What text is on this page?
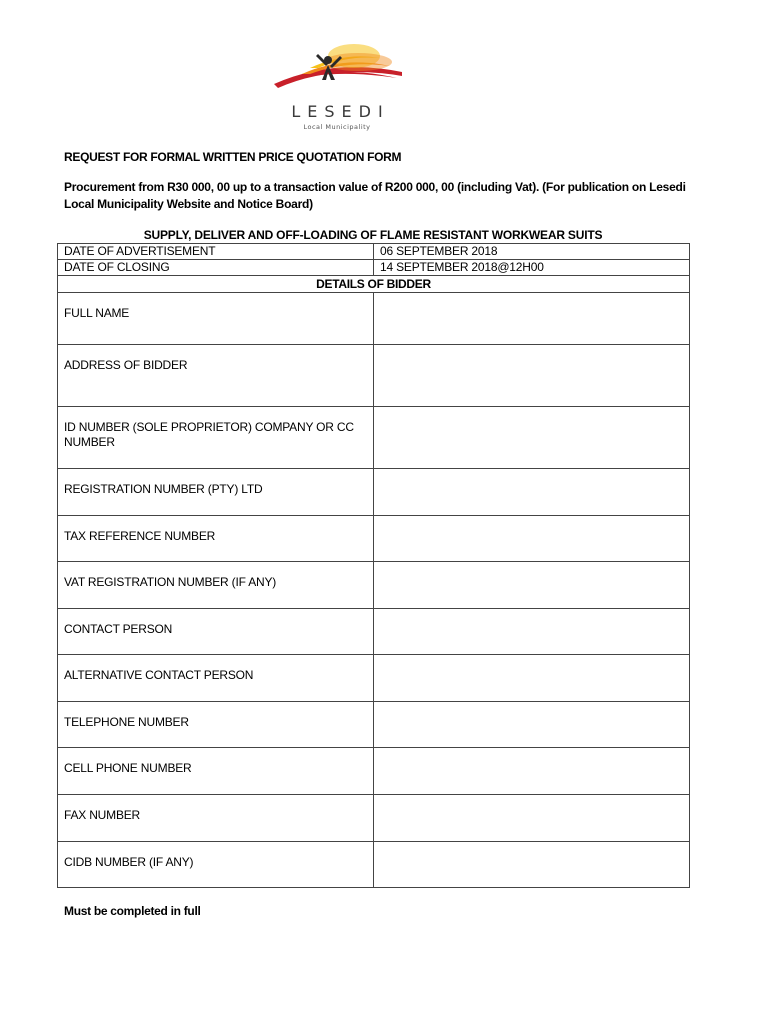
LESEDI
Local Municipality
REQUEST FOR FORMAL WRITTEN PRICE QUOTATION FORM
Procurement from R30 000, 00 up to a transaction value of R200 000, 00 (including Vat). (For publication on Lesedi Local Municipality Website and Notice Board)
SUPPLY, DELIVER AND OFF-LOADING OF FLAME RESISTANT WORKWEAR SUITS
DATE OF ADVERTISEMENT	06 SEPTEMBER 2018
DATE OF CLOSING	14 SEPTEMBER 2018@12H00
DETAILS OF BIDDER	
FULL NAME	
ADDRESS OF BIDDER	
ID NUMBER (SOLE PROPRIETOR) COMPANY OR CC NUMBER	
REGISTRATION NUMBER (PTY) LTD	
TAX REFERENCE NUMBER	
VAT REGISTRATION NUMBER (IF ANY)	
CONTACT PERSON	
ALTERNATIVE CONTACT PERSON	
TELEPHONE NUMBER	
CELL PHONE NUMBER	
FAX NUMBER	
CIDB NUMBER (IF ANY)	
Must be completed in full
